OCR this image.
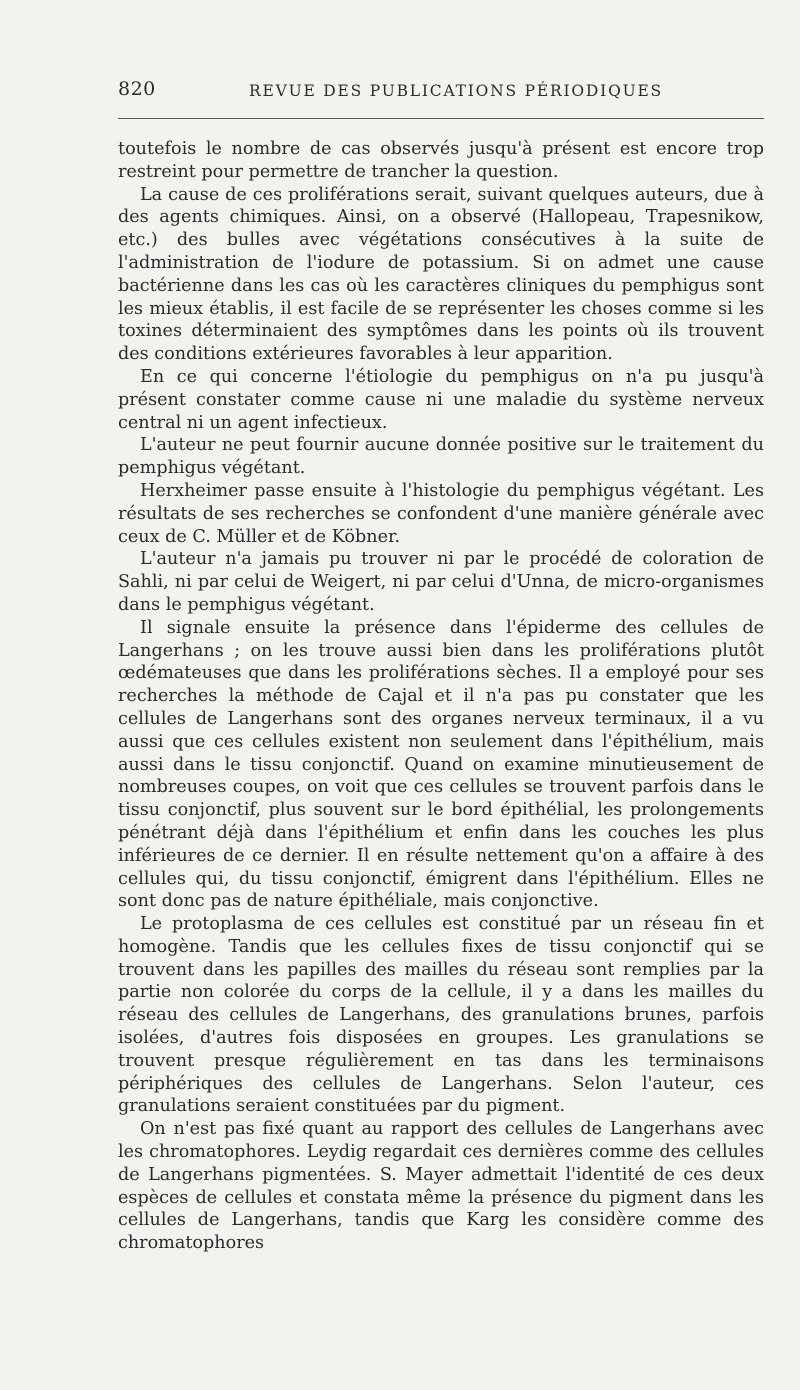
820	REVUE DES PUBLICATIONS PÉRIODIQUES

toutefois le nombre de cas observés jusqu'à présent est encore trop restreint pour permettre de trancher la question.

La cause de ces proliférations serait, suivant quelques auteurs, due à des agents chimiques. Ainsi, on a observé (Hallopeau, Trapesnikow, etc.) des bulles avec végétations consécutives à la suite de l'administration de l'iodure de potassium. Si on admet une cause bactérienne dans les cas où les caractères cliniques du pemphigus sont les mieux établis, il est facile de se représenter les choses comme si les toxines déterminaient des symptômes dans les points où ils trouvent des conditions extérieures favorables à leur apparition.

En ce qui concerne l'étiologie du pemphigus on n'a pu jusqu'à présent constater comme cause ni une maladie du système nerveux central ni un agent infectieux.

L'auteur ne peut fournir aucune donnée positive sur le traitement du pemphigus végétant.

Herxheimer passe ensuite à l'histologie du pemphigus végétant. Les résultats de ses recherches se confondent d'une manière générale avec ceux de C. Müller et de Köbner.

L'auteur n'a jamais pu trouver ni par le procédé de coloration de Sahli, ni par celui de Weigert, ni par celui d'Unna, de micro-organismes dans le pemphigus végétant.

Il signale ensuite la présence dans l'épiderme des cellules de Langerhans ; on les trouve aussi bien dans les proliférations plutôt œdémateuses que dans les proliférations sèches. Il a employé pour ses recherches la méthode de Cajal et il n'a pas pu constater que les cellules de Langerhans sont des organes nerveux terminaux, il a vu aussi que ces cellules existent non seulement dans l'épithélium, mais aussi dans le tissu conjonctif. Quand on examine minutieusement de nombreuses coupes, on voit que ces cellules se trouvent parfois dans le tissu conjonctif, plus souvent sur le bord épithélial, les prolongements pénétrant déjà dans l'épithélium et enfin dans les couches les plus inférieures de ce dernier. Il en résulte nettement qu'on a affaire à des cellules qui, du tissu conjonctif, émigrent dans l'épithélium. Elles ne sont donc pas de nature épithéliale, mais conjonctive.

Le protoplasma de ces cellules est constitué par un réseau fin et homogène. Tandis que les cellules fixes de tissu conjonctif qui se trouvent dans les papilles des mailles du réseau sont remplies par la partie non colorée du corps de la cellule, il y a dans les mailles du réseau des cellules de Langerhans, des granulations brunes, parfois isolées, d'autres fois disposées en groupes. Les granulations se trouvent presque régulièrement en tas dans les terminaisons périphériques des cellules de Langerhans. Selon l'auteur, ces granulations seraient constituées par du pigment.

On n'est pas fixé quant au rapport des cellules de Langerhans avec les chromatophores. Leydig regardait ces dernières comme des cellules de Langerhans pigmentées. S. Mayer admettait l'identité de ces deux espèces de cellules et constata même la présence du pigment dans les cellules de Langerhans, tandis que Karg les considère comme des chromatophores
